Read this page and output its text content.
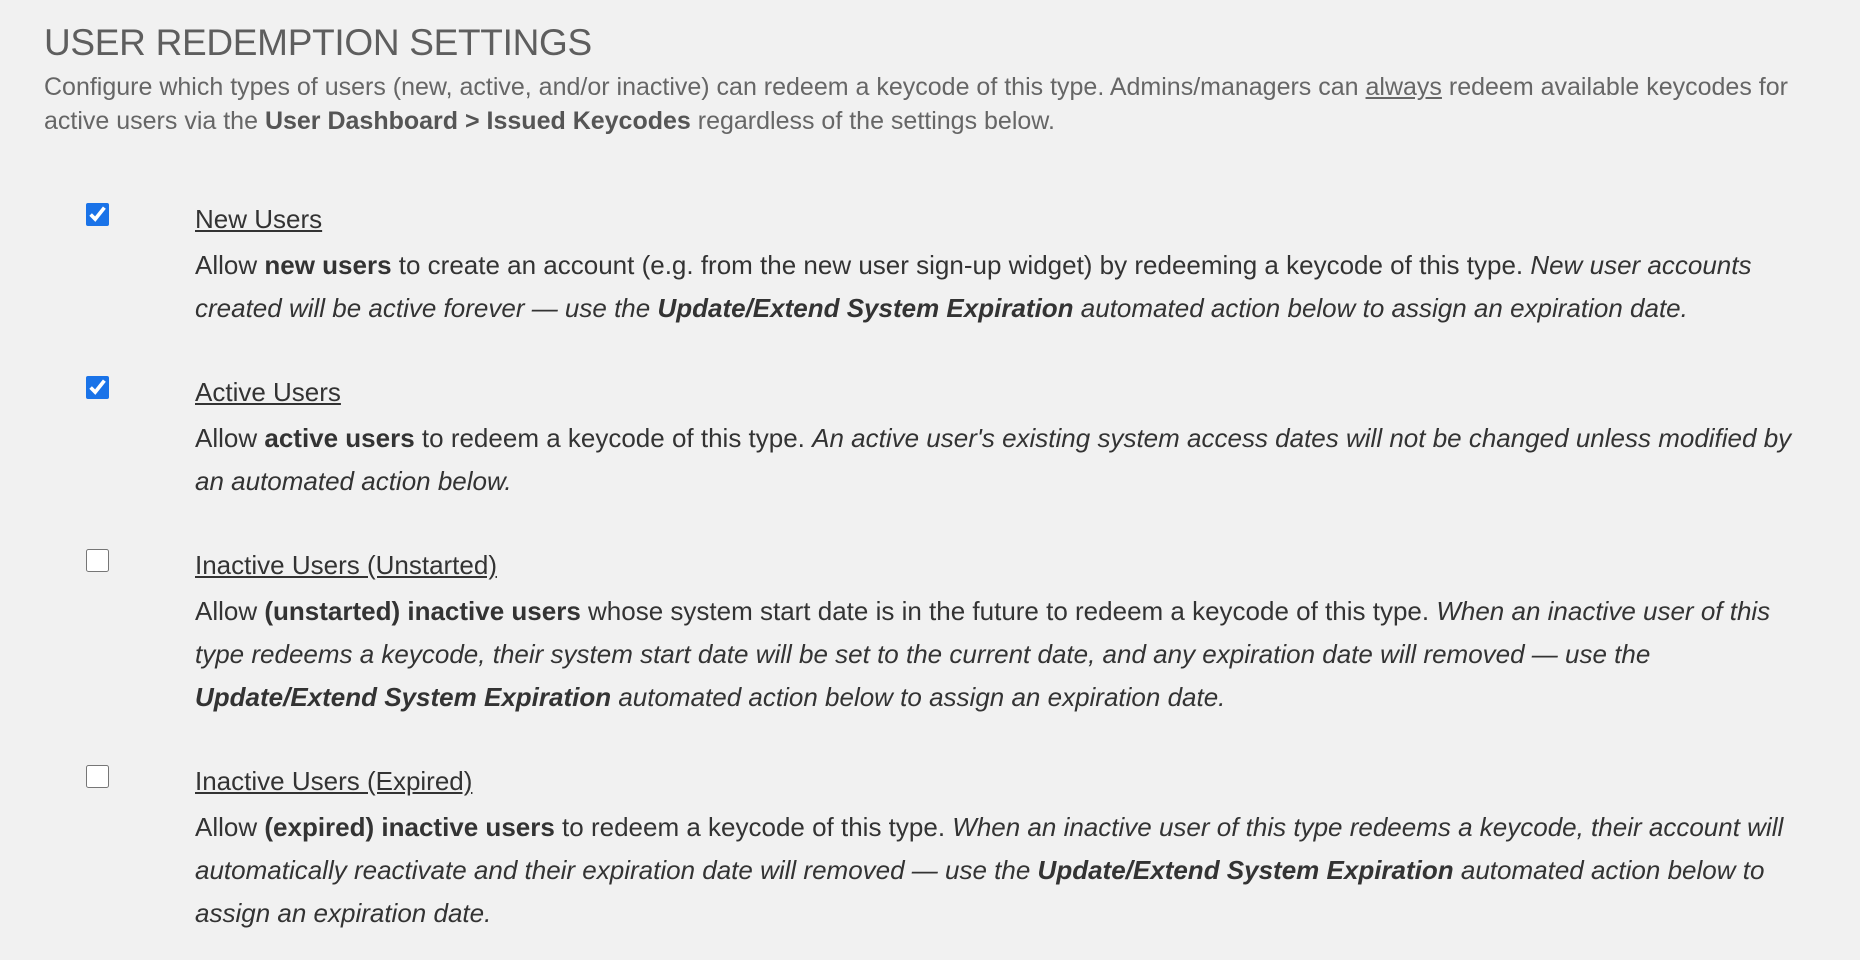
USER REDEMPTION SETTINGS
Configure which types of users (new, active, and/or inactive) can redeem a keycode of this type. Admins/managers can always redeem available keycodes for active users via the User Dashboard > Issued Keycodes regardless of the settings below.
New Users
Allow new users to create an account (e.g. from the new user sign-up widget) by redeeming a keycode of this type. New user accounts created will be active forever — use the Update/Extend System Expiration automated action below to assign an expiration date.
Active Users
Allow active users to redeem a keycode of this type. An active user's existing system access dates will not be changed unless modified by an automated action below.
Inactive Users (Unstarted)
Allow (unstarted) inactive users whose system start date is in the future to redeem a keycode of this type. When an inactive user of this type redeems a keycode, their system start date will be set to the current date, and any expiration date will removed — use the Update/Extend System Expiration automated action below to assign an expiration date.
Inactive Users (Expired)
Allow (expired) inactive users to redeem a keycode of this type. When an inactive user of this type redeems a keycode, their account will automatically reactivate and their expiration date will removed — use the Update/Extend System Expiration automated action below to assign an expiration date.
